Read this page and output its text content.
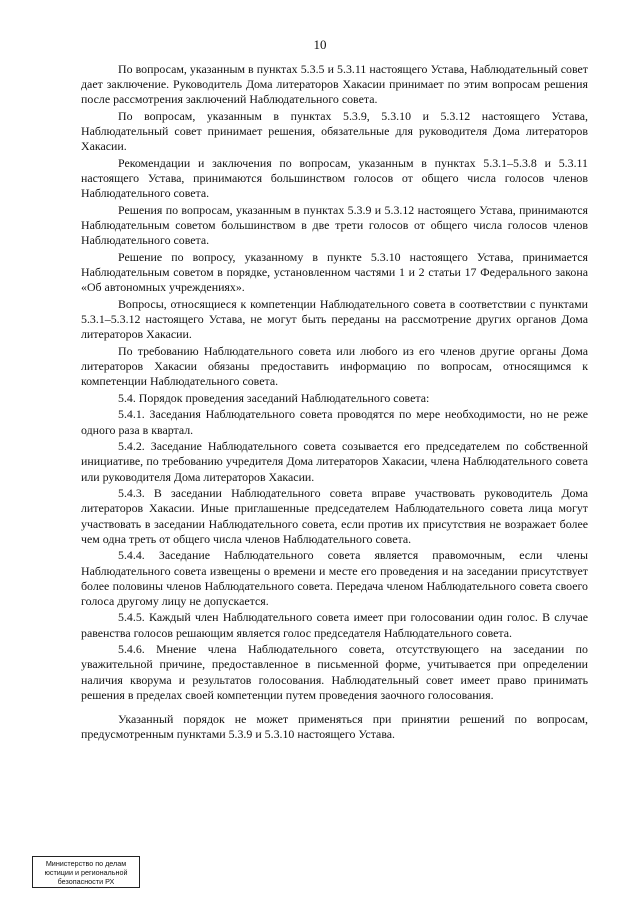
10

По вопросам, указанным в пунктах 5.3.5 и 5.3.11 настоящего Устава, Наблюдательный совет дает заключение. Руководитель Дома литераторов Хакасии принимает по этим вопросам решения после рассмотрения заключений Наблюдательного совета.

По вопросам, указанным в пунктах 5.3.9, 5.3.10 и 5.3.12 настоящего Устава, Наблюдательный совет принимает решения, обязательные для руководителя Дома литераторов Хакасии.

Рекомендации и заключения по вопросам, указанным в пунктах 5.3.1–5.3.8 и 5.3.11 настоящего Устава, принимаются большинством голосов от общего числа голосов членов Наблюдательного совета.

Решения по вопросам, указанным в пунктах 5.3.9 и 5.3.12 настоящего Устава, принимаются Наблюдательным советом большинством в две трети голосов от общего числа голосов членов Наблюдательного совета.

Решение по вопросу, указанному в пункте 5.3.10 настоящего Устава, принимается Наблюдательным советом в порядке, установленном частями 1 и 2 статьи 17 Федерального закона «Об автономных учреждениях».

Вопросы, относящиеся к компетенции Наблюдательного совета в соответствии с пунктами 5.3.1–5.3.12 настоящего Устава, не могут быть переданы на рассмотрение других органов Дома литераторов Хакасии.

По требованию Наблюдательного совета или любого из его членов другие органы Дома литераторов Хакасии обязаны предоставить информацию по вопросам, относящимся к компетенции Наблюдательного совета.

5.4. Порядок проведения заседаний Наблюдательного совета:

5.4.1. Заседания Наблюдательного совета проводятся по мере необходимости, но не реже одного раза в квартал.

5.4.2. Заседание Наблюдательного совета созывается его председателем по собственной инициативе, по требованию учредителя Дома литераторов Хакасии, члена Наблюдательного совета или руководителя Дома литераторов Хакасии.

5.4.3. В заседании Наблюдательного совета вправе участвовать руководитель Дома литераторов Хакасии. Иные приглашенные председателем Наблюдательного совета лица могут участвовать в заседании Наблюдательного совета, если против их присутствия не возражает более чем одна треть от общего числа членов Наблюдательного совета.

5.4.4. Заседание Наблюдательного совета является правомочным, если члены Наблюдательного совета извещены о времени и месте его проведения и на заседании присутствует более половины членов Наблюдательного совета. Передача членом Наблюдательного совета своего голоса другому лицу не допускается.

5.4.5. Каждый член Наблюдательного совета имеет при голосовании один голос. В случае равенства голосов решающим является голос председателя Наблюдательного совета.

5.4.6. Мнение члена Наблюдательного совета, отсутствующего на заседании по уважительной причине, предоставленное в письменной форме, учитывается при определении наличия кворума и результатов голосования. Наблюдательный совет имеет право принимать решения в пределах своей компетенции путем проведения заочного голосования.

Указанный порядок не может применяться при принятии решений по вопросам, предусмотренным пунктами 5.3.9 и 5.3.10 настоящего Устава.

Министерство по делам
юстиции и региональной
безопасности РХ
